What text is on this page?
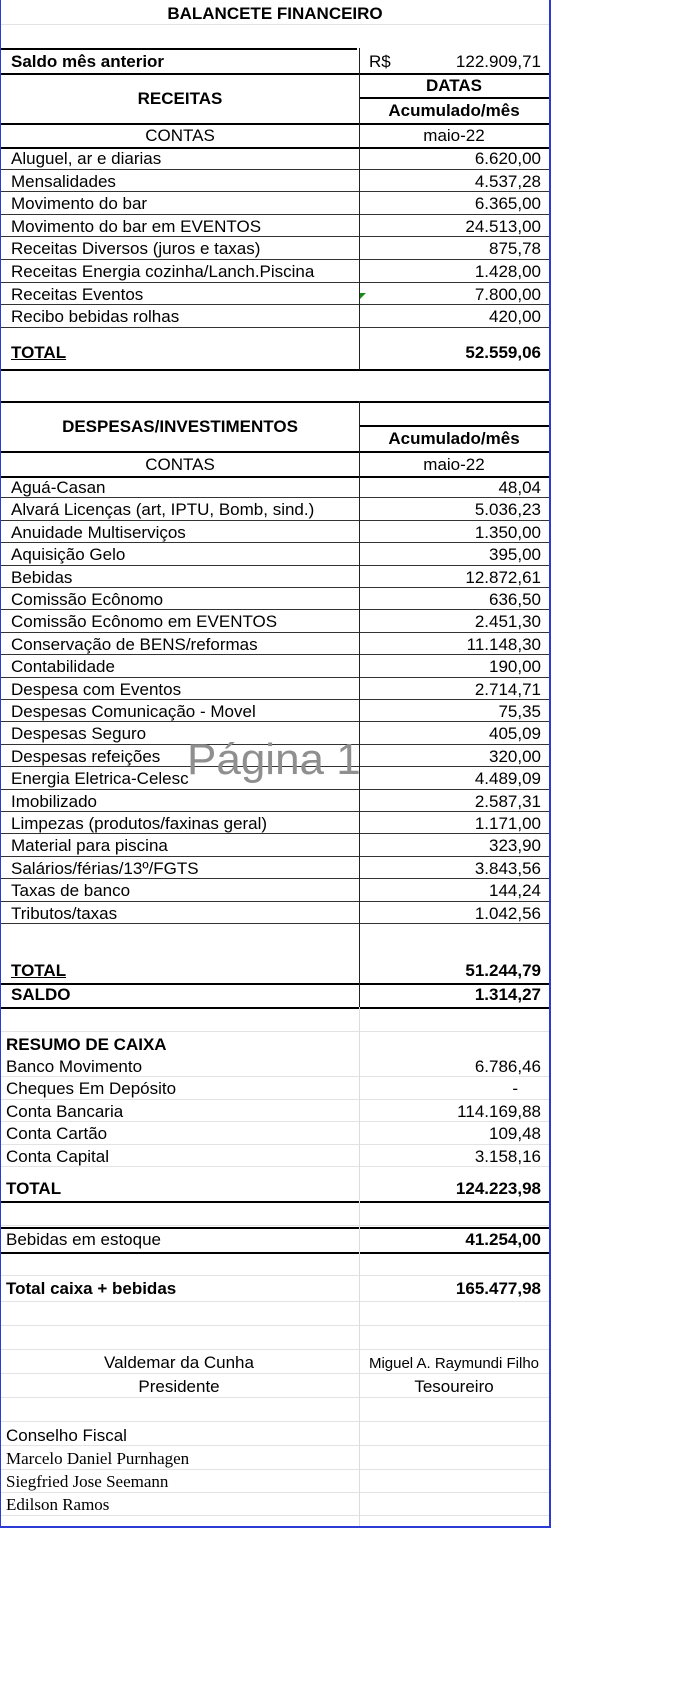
BALANCETE FINANCEIRO
Saldo mês anterior	R$	122.909,71
RECEITAS
DATAS
Acumulado/mês
CONTAS	maio-22
Aluguel, ar e diarias	6.620,00
Mensalidades	4.537,28
Movimento do bar	6.365,00
Movimento do bar em EVENTOS	24.513,00
Receitas Diversos (juros e taxas)	875,78
Receitas Energia cozinha/Lanch.Piscina	1.428,00
Receitas Eventos	7.800,00
Recibo bebidas rolhas	420,00
TOTAL	52.559,06
DESPESAS/INVESTIMENTOS
Acumulado/mês
CONTAS	maio-22
Aguá-Casan	48,04
Alvará Licenças (art, IPTU, Bomb, sind.)	5.036,23
Anuidade Multiserviços	1.350,00
Aquisição Gelo	395,00
Bebidas	12.872,61
Comissão Ecônomo	636,50
Comissão Ecônomo em EVENTOS	2.451,30
Conservação de BENS/reformas	11.148,30
Contabilidade	190,00
Despesa com Eventos	2.714,71
Despesas Comunicação - Movel	75,35
Despesas Seguro	405,09
Despesas refeições	320,00
Energia Eletrica-Celesc	4.489,09
Imobilizado	2.587,31
Limpezas (produtos/faxinas geral)	1.171,00
Material para piscina	323,90
Salários/férias/13º/FGTS	3.843,56
Taxas de banco	144,24
Tributos/taxas	1.042,56
TOTAL	51.244,79
SALDO	1.314,27
RESUMO DE CAIXA
Banco Movimento	6.786,46
Cheques Em Depósito	-
Conta Bancaria	114.169,88
Conta Cartão	109,48
Conta Capital	3.158,16
TOTAL	124.223,98
Bebidas em estoque	41.254,00
Total caixa + bebidas	165.477,98
Valdemar da Cunha	Miguel A. Raymundi Filho
Presidente	Tesoureiro
Conselho Fiscal
Marcelo Daniel Purnhagen
Siegfried Jose Seemann
Edilson Ramos
Página 1
